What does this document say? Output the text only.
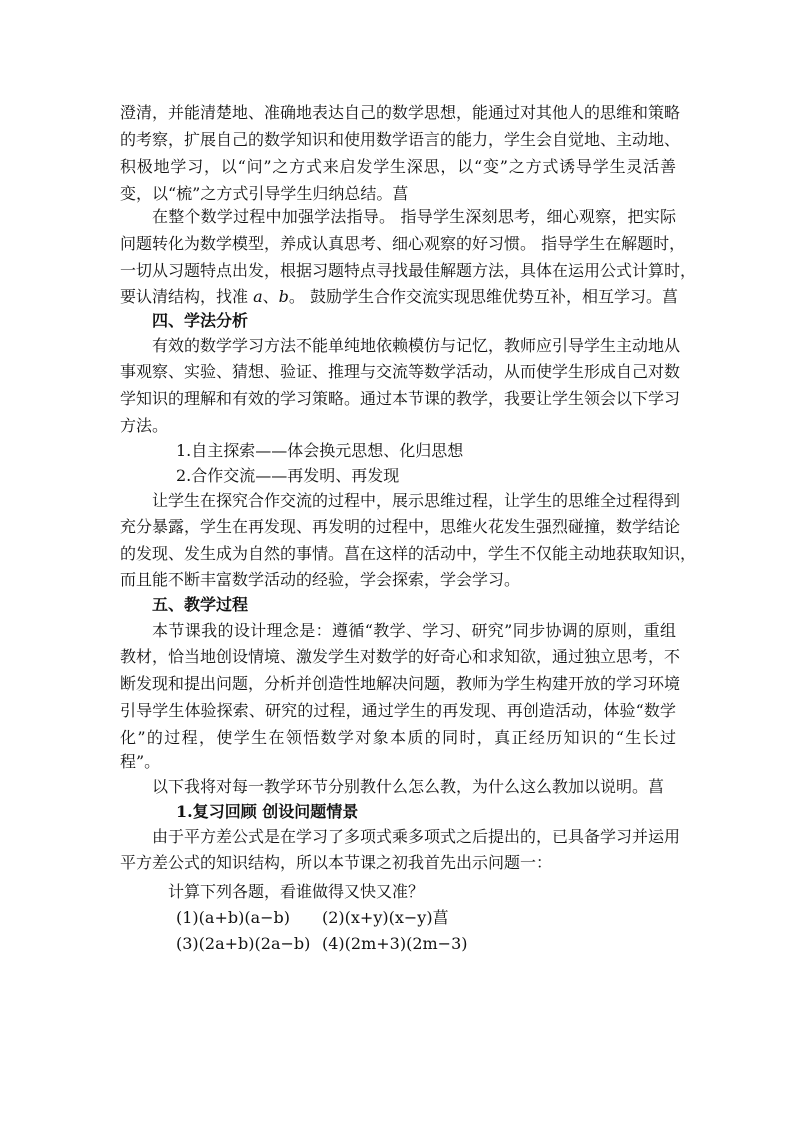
澄清，并能清楚地、准确地表达自己的数学思想，能通过对其他人的思维和策略
的考察，扩展自己的数学知识和使用数学语言的能力，学生会自觉地、主动地、
积极地学习，以“问”之方式来启发学生深思，以“变”之方式诱导学生灵活善
变，以“梳”之方式引导学生归纳总结。菖
在整个数学过程中加强学法指导。 指导学生深刻思考，细心观察，把实际
问题转化为数学模型，养成认真思考、细心观察的好习惯。 指导学生在解题时，
一切从习题特点出发，根据习题特点寻找最佳解题方法，具体在运用公式计算时，
要认清结构，找准 a、b。 鼓励学生合作交流实现思维优势互补，相互学习。菖
四、学法分析
有效的数学学习方法不能单纯地依赖模仿与记忆，教师应引导学生主动地从
事观察、实验、猜想、验证、推理与交流等数学活动，从而使学生形成自己对数
学知识的理解和有效的学习策略。通过本节课的教学，我要让学生领会以下学习
方法。
1.自主探索——体会换元思想、化归思想
2.合作交流——再发明、再发现
让学生在探究合作交流的过程中，展示思维过程，让学生的思维全过程得到
充分暴露，学生在再发现、再发明的过程中，思维火花发生强烈碰撞，数学结论
的发现、发生成为自然的事情。菖在这样的活动中，学生不仅能主动地获取知识，
而且能不断丰富数学活动的经验，学会探索，学会学习。
五、教学过程
本节课我的设计理念是：遵循“教学、学习、研究”同步协调的原则，重组
教材，恰当地创设情境、激发学生对数学的好奇心和求知欲，通过独立思考，不
断发现和提出问题，分析并创造性地解决问题，教师为学生构建开放的学习环境
引导学生体验探索、研究的过程，通过学生的再发现、再创造活动，体验“数学
化”的过程，使学生在领悟数学对象本质的同时，真正经历知识的“生长过
程”。
以下我将对每一教学环节分别教什么怎么教，为什么这么教加以说明。菖
1.复习回顾 创设问题情景
由于平方差公式是在学习了多项式乘多项式之后提出的，已具备学习并运用
平方差公式的知识结构，所以本节课之初我首先出示问题一：
计算下列各题，看谁做得又快又准？
(1)(a+b)(a−b) (2)(x+y)(x−y)菖
(3)(2a+b)(2a−b) (4)(2m+3)(2m−3)
